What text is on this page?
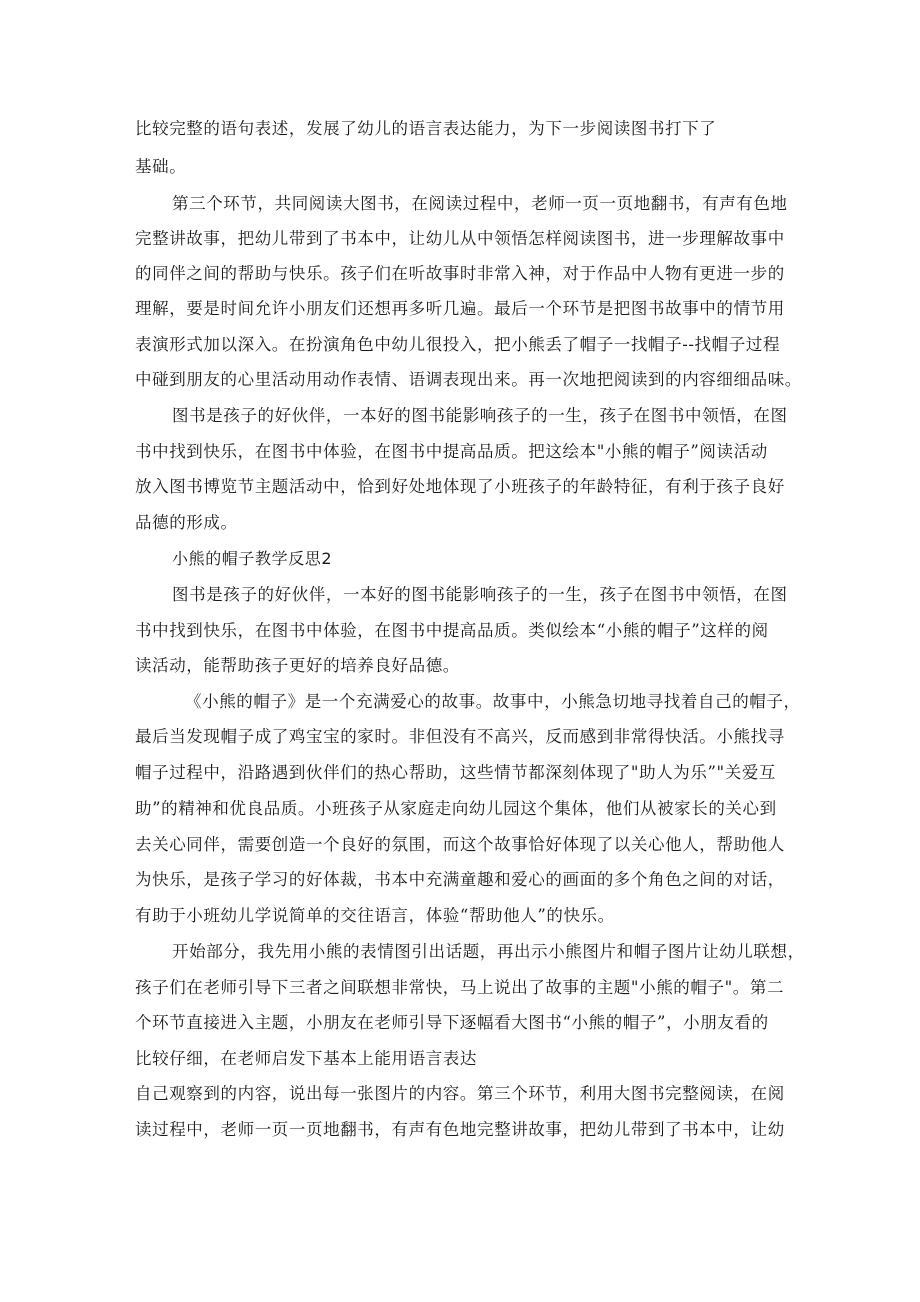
比较完整的语句表述，发展了幼儿的语言表达能力，为下一步阅读图书打下了
基础。
第三个环节，共同阅读大图书，在阅读过程中，老师一页一页地翻书，有声有色地
完整讲故事，把幼儿带到了书本中，让幼儿从中领悟怎样阅读图书，进一步理解故事中
的同伴之间的帮助与快乐。孩子们在听故事时非常入神，对于作品中人物有更进一步的
理解，要是时间允许小朋友们还想再多听几遍。最后一个环节是把图书故事中的情节用
表演形式加以深入。在扮演角色中幼儿很投入，把小熊丢了帽子一找帽子--找帽子过程
中碰到朋友的心里活动用动作表情、语调表现出来。再一次地把阅读到的内容细细品味。
图书是孩子的好伙伴，一本好的图书能影响孩子的一生，孩子在图书中领悟，在图
书中找到快乐，在图书中体验，在图书中提高品质。把这绘本"小熊的帽子”阅读活动
放入图书博览节主题活动中，恰到好处地体现了小班孩子的年龄特征，有利于孩子良好
品德的形成。
小熊的帽子教学反思2
图书是孩子的好伙伴，一本好的图书能影响孩子的一生，孩子在图书中领悟，在图
书中找到快乐，在图书中体验，在图书中提高品质。类似绘本“小熊的帽子”这样的阅
读活动，能帮助孩子更好的培养良好品德。
《小熊的帽子》是一个充满爱心的故事。故事中，小熊急切地寻找着自己的帽子，
最后当发现帽子成了鸡宝宝的家时。非但没有不高兴，反而感到非常得快活。小熊找寻
帽子过程中，沿路遇到伙伴们的热心帮助，这些情节都深刻体现了"助人为乐”"关爱互
助”的精神和优良品质。小班孩子从家庭走向幼儿园这个集体，他们从被家长的关心到
去关心同伴，需要创造一个良好的氛围，而这个故事恰好体现了以关心他人，帮助他人
为快乐，是孩子学习的好体裁，书本中充满童趣和爱心的画面的多个角色之间的对话，
有助于小班幼儿学说简单的交往语言，体验“帮助他人”的快乐。
开始部分，我先用小熊的表情图引出话题，再出示小熊图片和帽子图片让幼儿联想，
孩子们在老师引导下三者之间联想非常快，马上说出了故事的主题"小熊的帽子"。第二
个环节直接进入主题，小朋友在老师引导下逐幅看大图书“小熊的帽子”，小朋友看的
比较仔细，在老师启发下基本上能用语言表达
自己观察到的内容，说出每一张图片的内容。第三个环节，利用大图书完整阅读，在阅
读过程中，老师一页一页地翻书，有声有色地完整讲故事，把幼儿带到了书本中，让幼
